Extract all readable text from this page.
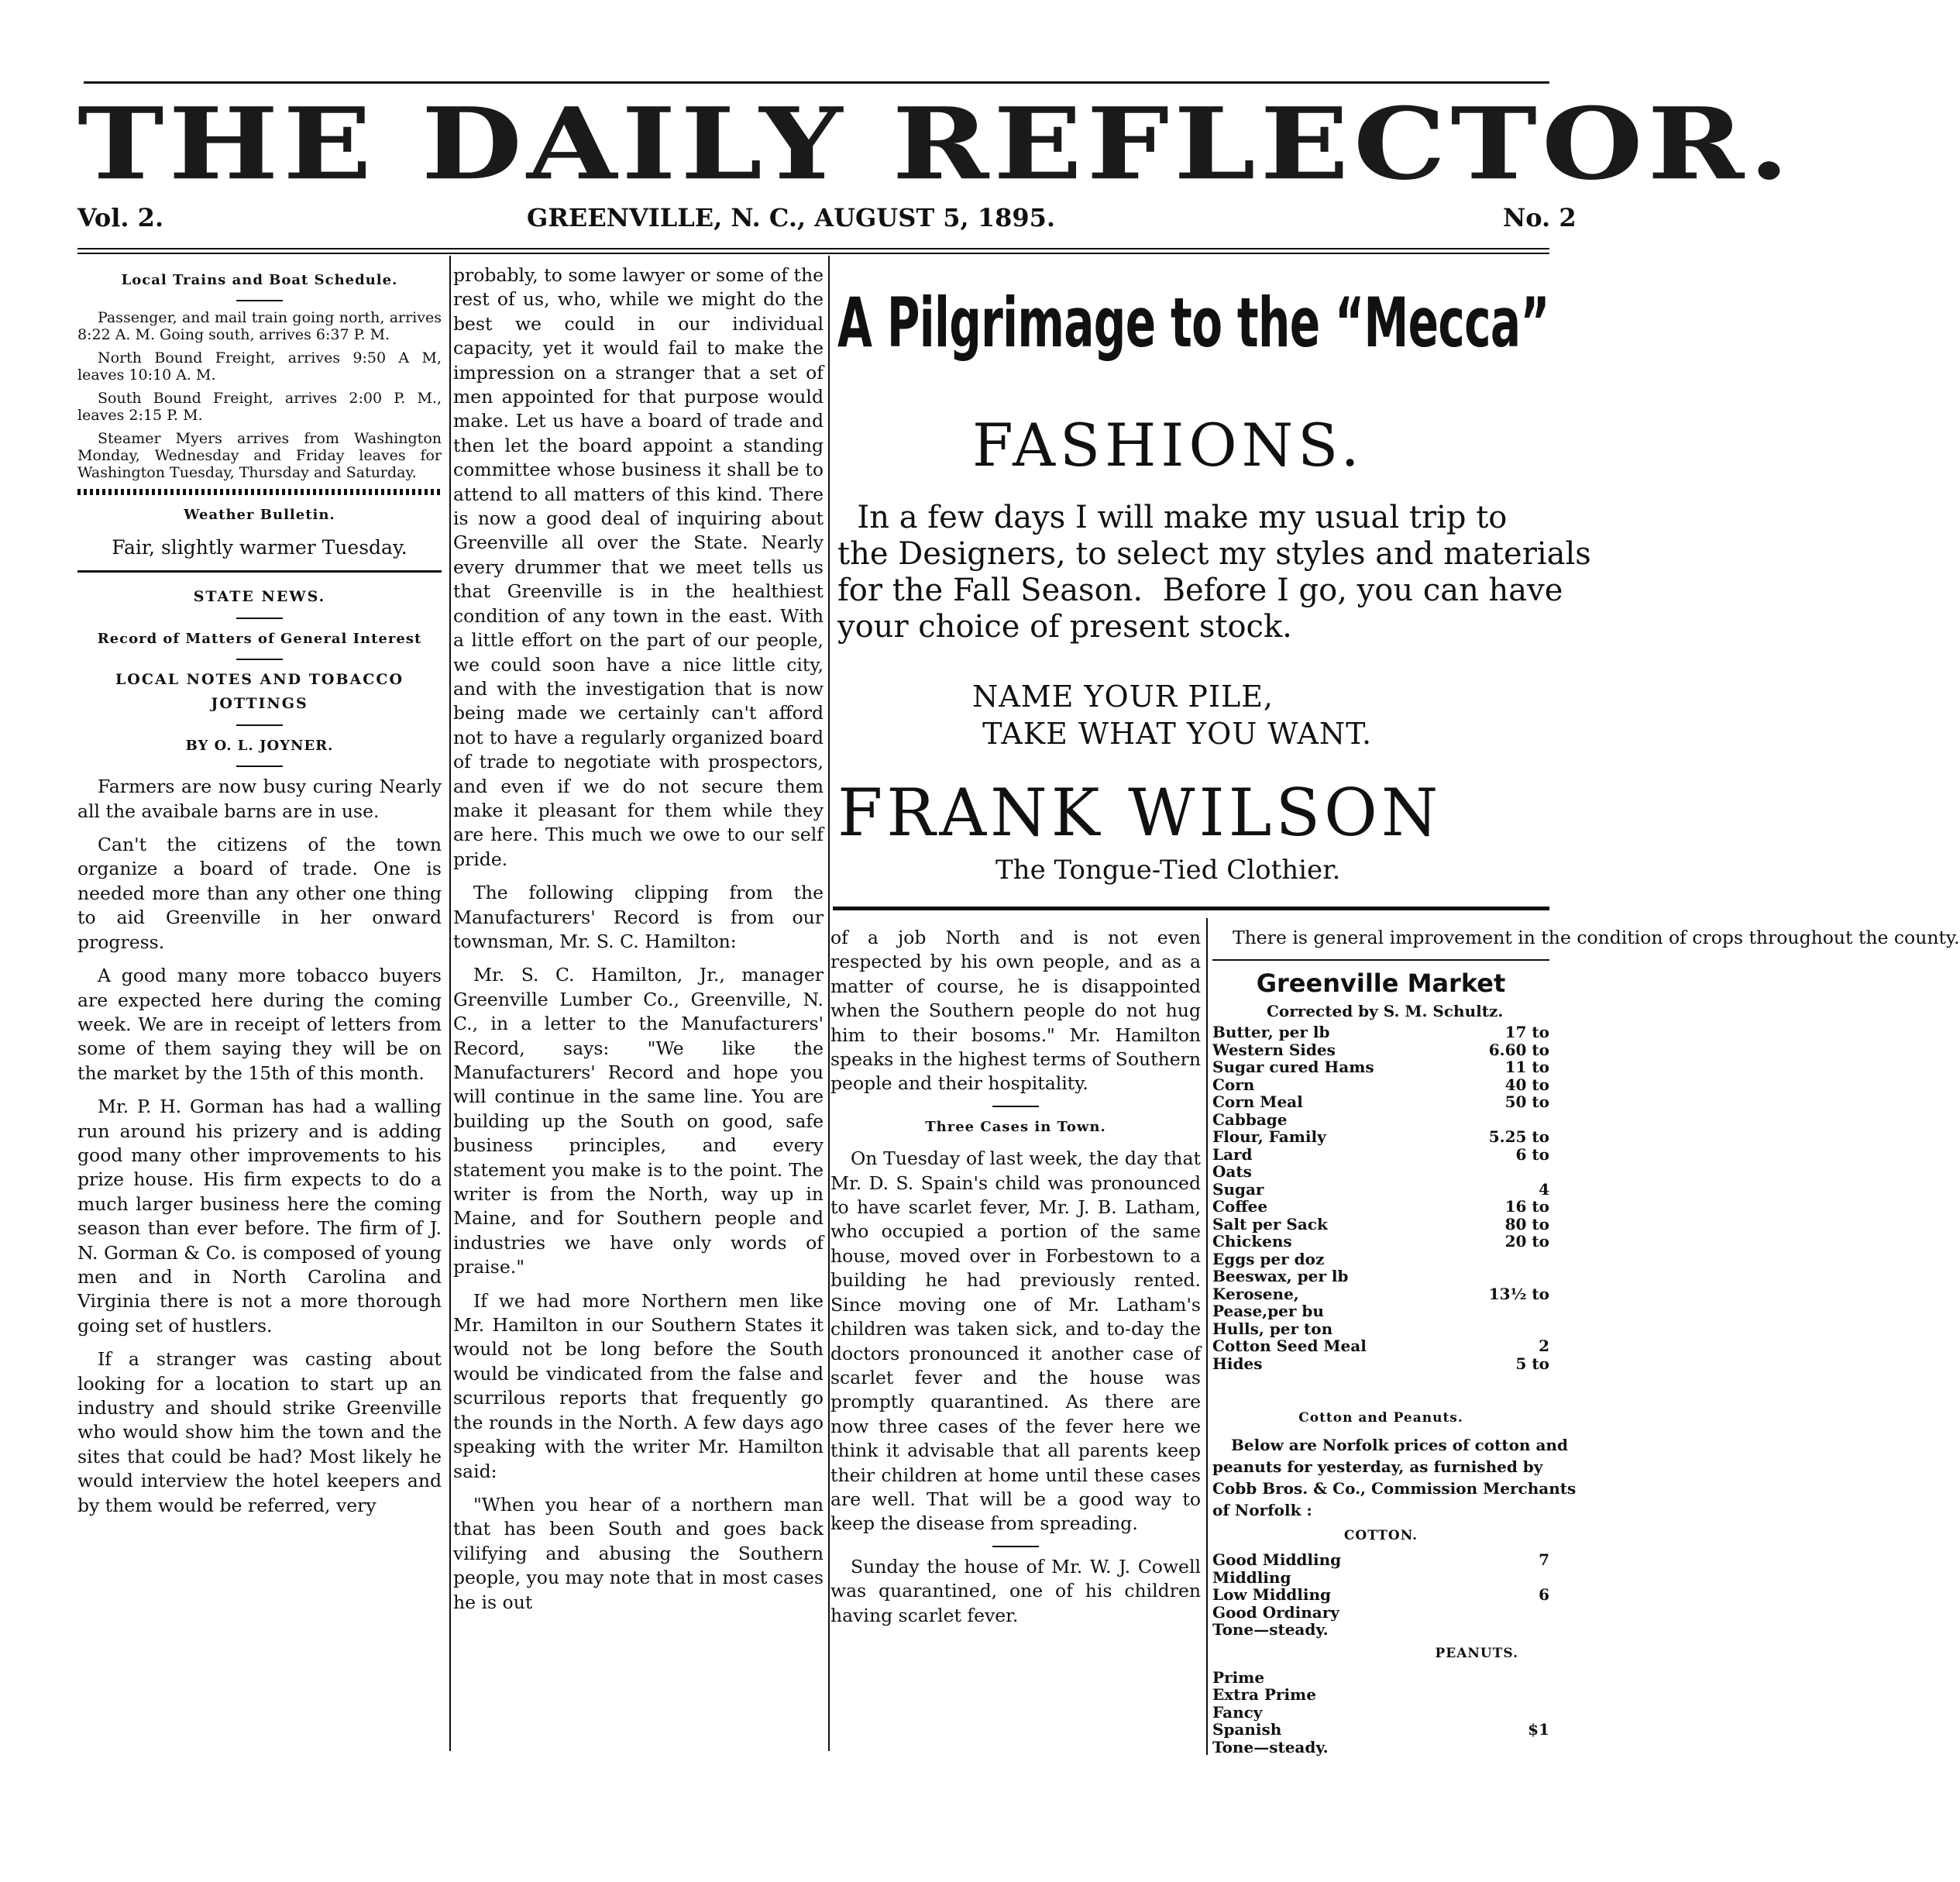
THE DAILY REFLECTOR.
Vol. 2.	GREENVILLE, N. C., AUGUST 5, 1895.	No. 2
Local Trains and Boat Schedule.

Passenger, and mail train going north, arrives 8:22 A. M. Going south, arrives 6:37 P. M.

North Bound Freight, arrives 9:50 A M, leaves 10:10 A. M.

South Bound Freight, arrives 2:00 P. M., leaves 2:15 P. M.

Steamer Myers arrives from Washington Monday, Wednesday and Friday leaves for Washington Tuesday, Thursday and Saturday.

Weather Bulletin.
Fair, slightly warmer Tuesday.
STATE NEWS.
Record of Matters of General Interest
LOCAL NOTES AND TOBACCO JOTTINGS
BY O. L. JOYNER.

Farmers are now busy curing Nearly all the avaibale barns are in use.

Can't the citizens of the town organize a board of trade. One is needed more than any other one thing to aid Greenville in her onward progress.

A good many more tobacco buyers are expected here during the coming week. We are in receipt of letters from some of them saying they will be on the market by the 15th of this month.

Mr. P. H. Gorman has had a walling run around his prizery and is adding good many other improvements to his prize house. His firm expects to do a much larger business here the coming season than ever before. The firm of J. N. Gorman & Co. is composed of young men and in North Carolina and Virginia there is not a more thorough going set of hustlers.

If a stranger was casting about looking for a location to start up an industry and should strike Greenville who would show him the town and the sites that could be had? Most likely he would interview the hotel keepers and by them would be referred, very

probably, to some lawyer or some of the rest of us, who, while we might do the best we could in our individual capacity, yet it would fail to make the impression on a stranger that a set of men appointed for that purpose would make. Let us have a board of trade and then let the board appoint a standing committee whose business it shall be to attend to all matters of this kind. There is now a good deal of inquiring about Greenville all over the State. Nearly every drummer that we meet tells us that Greenville is in the healthiest condition of any town in the east. With a little effort on the part of our people, we could soon have a nice little city, and with the investigation that is now being made we certainly can't afford not to have a regularly organized board of trade to negotiate with prospectors, and even if we do not secure them make it pleasant for them while they are here. This much we owe to our self pride.

The following clipping from the Manufacturers' Record is from our townsman, Mr. S. C. Hamilton:

Mr. S. C. Hamilton, Jr., manager Greenville Lumber Co., Greenville, N. C., in a letter to the Manufacturers' Record, says: "We like the Manufacturers' Record and hope you will continue in the same line. You are building up the South on good, safe business principles, and every statement you make is to the point. The writer is from the North, way up in Maine, and for Southern people and industries we have only words of praise."

If we had more Northern men like Mr. Hamilton in our Southern States it would not be long before the South would be vindicated from the false and scurrilous reports that frequently go the rounds in the North. A few days ago speaking with the writer Mr. Hamilton said:

"When you hear of a northern man that has been South and goes back vilifying and abusing the Southern people, you may note that in most cases he is out

A Pilgrimage to the “Mecca”
FASHIONS.
In a few days I will make my usual trip to
the Designers, to select my styles and materials
for the Fall Season.  Before I go, you can have
your choice of present stock.
NAME YOUR PILE,
TAKE WHAT YOU WANT.
FRANK WILSON
The Tongue-Tied Clothier.

of a job North and is not even respected by his own people, and as a matter of course, he is disappointed when the Southern people do not hug him to their bosoms." Mr. Hamilton speaks in the highest terms of Southern people and their hospitality.

Three Cases in Town.

On Tuesday of last week, the day that Mr. D. S. Spain's child was pronounced to have scarlet fever, Mr. J. B. Latham, who occupied a portion of the same house, moved over in Forbestown to a building he had previously rented. Since moving one of Mr. Latham's children was taken sick, and to-day the doctors pronounced it another case of scarlet fever and the house was promptly quarantined. As there are now three cases of the fever here we think it advisable that all parents keep their children at home until these cases are well. That will be a good way to keep the disease from spreading.

Sunday the house of Mr. W. J. Cowell was quarantined, one of his children having scarlet fever.

There is general improvement in the condition of crops throughout the county.

Greenville Market
Corrected by S. M. Schultz.
Butter, per lb	17 to
Western Sides	6.60 to
Sugar cured Hams	11 to
Corn	40 to
Corn Meal	50 to
Cabbage
Flour, Family	5.25 to
Lard	6 to
Oats
Sugar	4
Coffee	16 to
Salt per Sack	80 to
Chickens	20 to
Eggs per doz
Beeswax, per lb
Kerosene,	13½ to
Pease,per bu
Hulls, per ton
Cotton Seed Meal	2
Hides	5 to
Cotton and Peanuts.
Below are Norfolk prices of cotton and peanuts for yesterday, as furnished by Cobb Bros. & Co., Commission Merchants of Norfolk :
COTTON.
Good Middling	7
Middling
Low Middling	6
Good Ordinary
Tone—steady.
PEANUTS.
Prime
Extra Prime
Fancy
Spanish	$1
Tone—steady.
